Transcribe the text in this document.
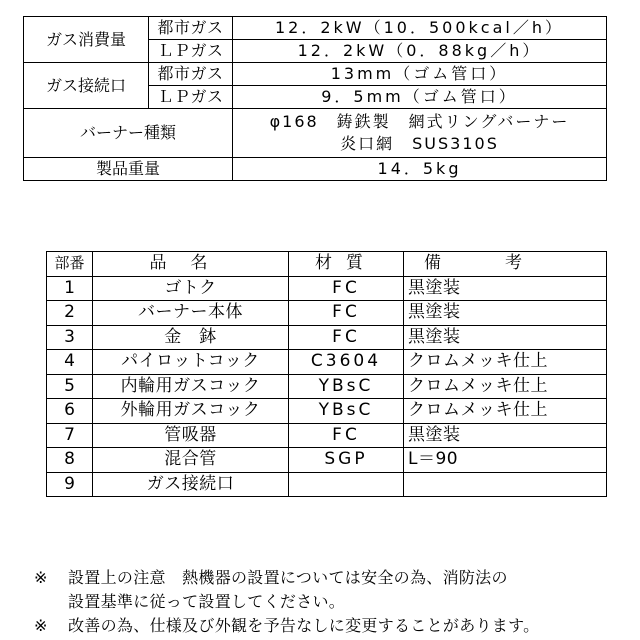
ガス消費量	都市ガス	12．2kW（10．500kcal／h）
	ＬＰガス	12．2kW（0．88kg／h）
ガス接続口	都市ガス	13mm（ゴム管口）
	ＬＰガス	9．5mm（ゴム管口）
バーナー種類		φ168　鋳鉄製　網式リングバーナー
炎口網　SUS310S

製品重量		14．5kg
部番	品名	材質	備考
1	ゴトク	FC	黒塗装
2	バーナー本体	FC	黒塗装
3	金　鉢	FC	黒塗装
4	パイロットコック	C3604	クロムメッキ仕上
5	内輪用ガスコック	YBsC	クロムメッキ仕上
6	外輪用ガスコック	YBsC	クロムメッキ仕上
7	管吸器	FC	黒塗装
8	混合管	SGP	L＝90
9	ガス接続口		
※	設置上の注意　熱機器の設置については安全の為、消防法の
設置基準に従って設置してください。
※	改善の為、仕様及び外観を予告なしに変更することがあります。
